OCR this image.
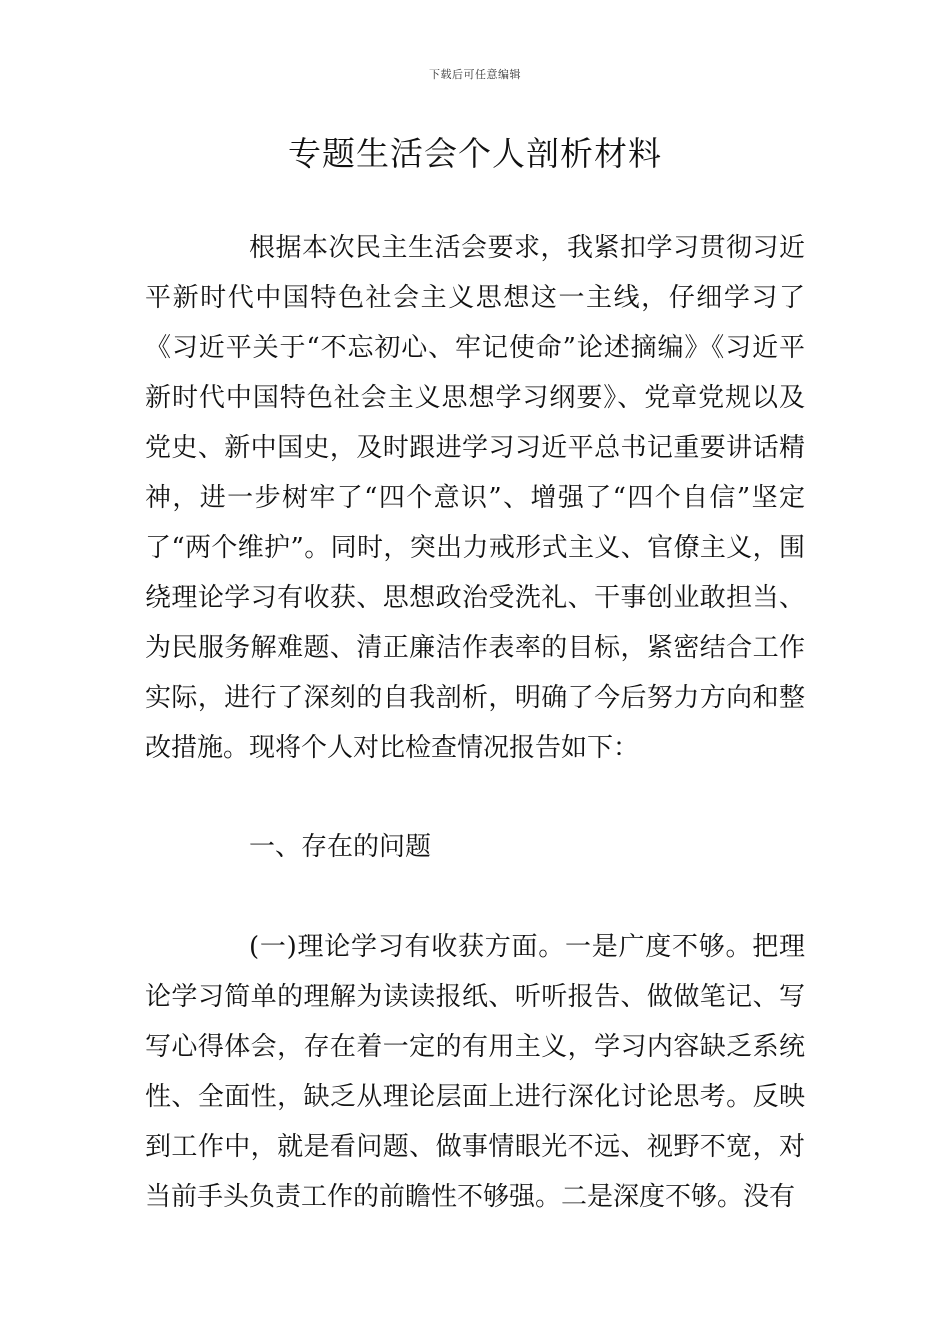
下载后可任意编辑
专题生活会个人剖析材料

根据本次民主生活会要求，我紧扣学习贯彻习近平新时代中国特色社会主义思想这一主线，仔细学习了《习近平关于“不忘初心、牢记使命”论述摘编》《习近平新时代中国特色社会主义思想学习纲要》、党章党规以及党史、新中国史，及时跟进学习习近平总书记重要讲话精神，进一步树牢了“四个意识”、增强了“四个自信”坚定了“两个维护”。同时，突出力戒形式主义、官僚主义，围绕理论学习有收获、思想政治受洗礼、干事创业敢担当、为民服务解难题、清正廉洁作表率的目标，紧密结合工作实际，进行了深刻的自我剖析，明确了今后努力方向和整改措施。现将个人对比检查情况报告如下：

一、存在的问题

(一)理论学习有收获方面。一是广度不够。把理论学习简单的理解为读读报纸、听听报告、做做笔记、写写心得体会，存在着一定的有用主义，学习内容缺乏系统性、全面性，缺乏从理论层面上进行深化讨论思考。反映到工作中，就是看问题、做事情眼光不远、视野不宽，对当前手头负责工作的前瞻性不够强。二是深度不够。没有
